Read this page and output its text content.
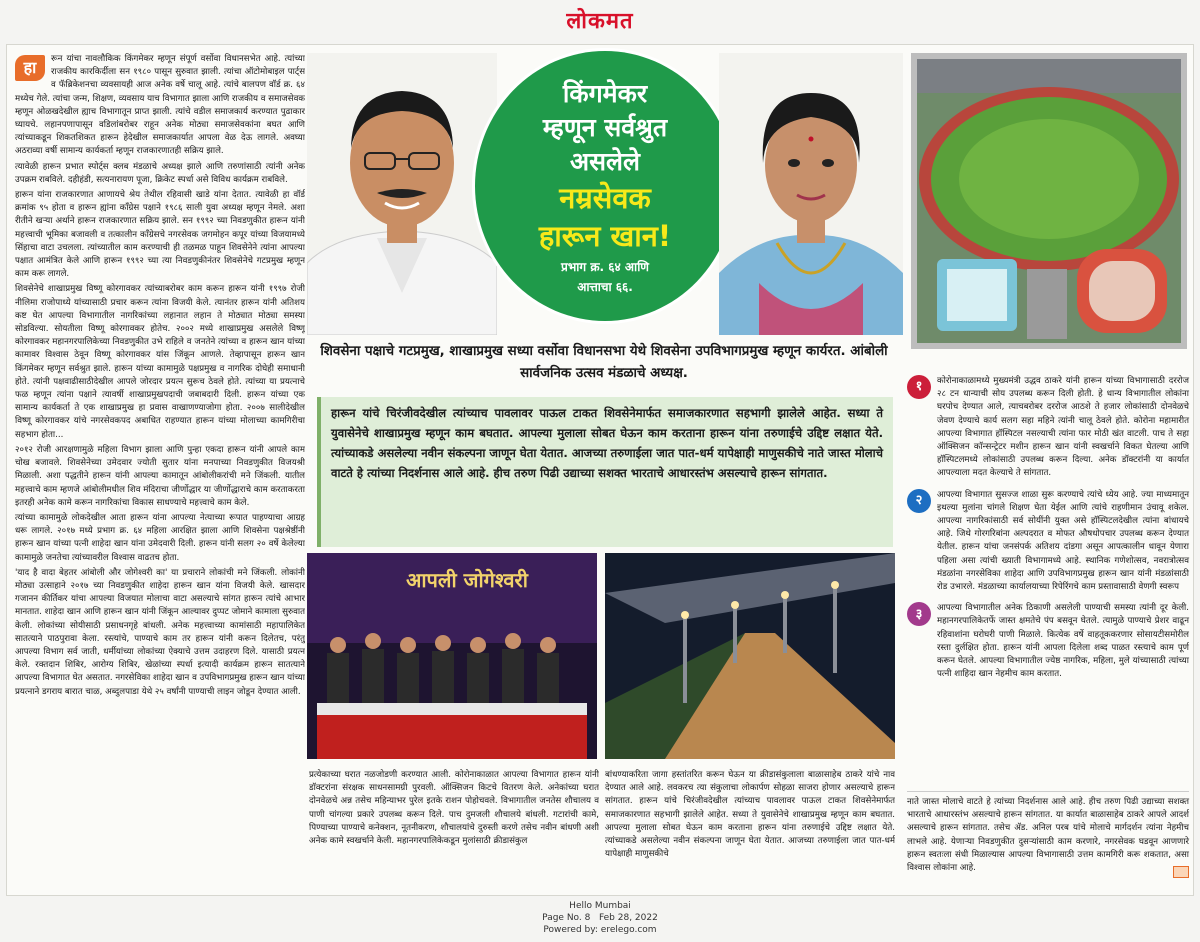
लोकमत

हा	रून यांचा नावलौकिक किंगमेकर म्हणून संपूर्ण वर्सोवा विधानसभेत आहे. त्यांच्या राजकीय कारकिर्दीला सन १९८० पासून सुरुवात झाली. त्यांचा ऑटोमोबाइल पार्ट्स व फॅब्रिकेशनचा व्यवसायही आज अनेक वर्षे चालू आहे. त्यांचे बालपण वॉर्ड क्र. ६४ मध्येच गेले. त्यांचा जन्म, शिक्षण, व्यवसाय याच विभागात झाला आणि राजकीय व समाजसेवक म्हणून ओळखदेखील ह्याच विभागातून प्राप्त झाली. त्यांचे वडील समाजकार्य करण्यात पुढाकार घ्यायचे. लहानपणापासून वडिलांबरोबर राहून अनेक मोठ्या समाजसेवकांना बघत आणि त्यांच्याकडून शिकतशिकत हारून हेदेखील समाजकार्यात आपला वेळ देऊ लागले. अवघ्या अठराव्या वर्षी सामान्य कार्यकर्ता म्हणून राजकारणातही सक्रिय झाले.

त्यावेळी हारून प्रभात स्पोर्ट्स क्लब मंडळाचे अध्यक्ष झाले आणि तरुणांसाठी त्यांनी अनेक उपक्रम राबविले. दहीहंडी, सत्यनारायण पूजा, क्रिकेट स्पर्धा असे विविध कार्यक्रम राबविले.

हारून यांना राजकारणात आणायचे श्रेय तेथील रहिवासी खाडे यांना देतात. त्यावेळी हा वॉर्ड क्रमांक ९५ होता व हारून ह्यांना काँग्रेस पक्षाने १९८६ साली युवा अध्यक्ष म्हणून नेमले. अशा रीतीने खऱ्या अर्थाने हारून राजकारणात सक्रिय झाले. सन १९९२ च्या निवडणुकीत हारून यांनी महत्त्वाची भूमिका बजावली व तत्कालीन काँग्रेसचे नगरसेवक जगमोहन कपूर यांच्या विजयामध्ये सिंहाचा वाटा उचलला. त्यांच्यातील काम करण्याची ही तळमळ पाहून शिवसेनेने त्यांना आपल्या पक्षात आमंत्रित केले आणि हारून १९९२ च्या त्या निवडणुकीनंतर शिवसेनेचे गटप्रमुख म्हणून काम करू लागले.

शिवसेनेचे शाखाप्रमुख विष्णू कोरगावकर त्यांच्याबरोबर काम करून हारून यांनी १९९७ रोजी नीलिमा राजोपाध्ये यांच्यासाठी प्रचार करून त्यांना विजयी केले. त्यानंतर हारून यांनी अतिशय कष्ट घेत आपल्या विभागातील नागरिकांच्या लहानात लहान ते मोठ्यात मोठ्या समस्या सोडविल्या. सोयतीला विष्णू कोरगावकर होतेच. २००२ मध्ये शाखाप्रमुख असलेले विष्णू कोरगावकर महानगरपालिकेच्या निवडणुकीत उभे राहिले व जनतेने त्यांच्या व हारून खान यांच्या कामावर विश्वास ठेवून विष्णू कोरगावकर यांस जिंकून आणले. तेव्हापासून हारून खान किंगमेकर म्हणून सर्वश्रुत झाले. हारून यांच्या कामामुळे पक्षप्रमुख व नागरिक दोघेही समाधानी होते. त्यांनी पक्षवाढीसाठीदेखील आपले जोरदार प्रयत्न सुरूच ठेवले होते. त्यांच्या या प्रयत्नाचे फळ म्हणून त्यांना पक्षाने त्यावर्षी शाखाप्रमुखपदाची जबाबदारी दिली. हारून यांच्या एक सामान्य कार्यकर्ता ते एक शाखाप्रमुख हा प्रवास वाखाणण्याजोगा होता. २००७ सालीदेखील विष्णू कोरगावकर यांचे नगरसेवकपद अबाधित राहण्यात हारून यांच्या मोलाच्या कामगिरीचा सहभाग होता...

२०१२ रोजी आरक्षणामुळे महिला विभाग झाला आणि पुन्हा एकदा हारून यांनी आपले काम चोख बजावले. शिवसेनेच्या उमेदवार ज्योती सुतार यांना मनपाच्या निवडणुकीत विजयश्री मिळाली. अशा पद्धतीने हारून यांनी आपल्या कामातून आंबोलीकरांची मने जिंकली. यातील महत्त्वाचे काम म्हणजे आंबोलीमधील शिव मंदिराचा जीर्णोद्धार या जीर्णोद्धाराचे काम करताकरता इतरही अनेक कामे करून नागरिकांचा विकास साधण्याचे महत्त्वाचे काम केले.

त्यांच्या कामामुळे लोकदेखील आता हारून यांना आपल्या नेत्याच्या रूपात पाहण्याचा आग्रह धरू लागले. २०१७ मध्ये प्रभाग क्र. ६४ महिला आरक्षित झाला आणि शिवसेना पक्षश्रेष्ठींनी हारून खान यांच्या पत्नी शाहेदा खान यांना उमेदवारी दिली. हारून यांनी सलग २० वर्षे केलेल्या कामामुळे जनतेचा त्यांच्यावरील विश्वास वाढतच होता.

'याद है वादा बेहतर आंबोली और जोगेश्वरी का' या प्रचाराने लोकांची मने जिंकली. लोकांनी मोठ्या उत्साहाने २०१७ च्या निवडणुकीत शाहेदा हारून खान यांना विजयी केले. खासदार गजानन कीर्तिकर यांचा आपल्या विजयात मोलाचा वाटा असल्याचे सांगत हारून त्यांचे आभार मानतात. शाहेदा खान आणि हारून खान यांनी जिंकून आल्यावर दुप्पट जोमाने कामाला सुरुवात केली. लोकांच्या सोयीसाठी प्रसाधनगृहे बांधली. अनेक महत्त्वाच्या कामांसाठी महापालिकेत सातत्याने पाठपुरावा केला. रस्त्यांचे, पाण्याचे काम तर हारून यांनी करून दिलेतच, परंतु आपल्या विभाग सर्व जाती, धर्मीयांच्या लोकांच्या ऐक्याचे उत्तम उदाहरण दिले. यासाठी प्रयत्न केले. रक्तदान शिबिर, आरोग्य शिबिर, खेळांच्या स्पर्धा इत्यादी कार्यक्रम हारून सातत्याने आपल्या विभागात घेत असतात. नगरसेविका शाहेदा खान व उपविभागप्रमुख हारून खान यांच्या प्रयत्नाने डगराय बारात चाळ, अब्दुलपाडा येथे २५ वर्षांनी पाण्याची लाइन जोडून देण्यात आली.

किंगमेकर
म्हणून सर्वश्रुत
असलेले
नम्रसेवक
हारून खान!
प्रभाग क्र. ६४ आणि
आत्ताचा ६६.
शिवसेना पक्षाचे गटप्रमुख, शाखाप्रमुख सध्या वर्सोवा विधानसभा येथे शिवसेना उपविभागप्रमुख म्हणून कार्यरत. आंबोली सार्वजनिक उत्सव मंडळाचे अध्यक्ष.
हारून यांचे चिरंजीवदेखील त्यांच्याच पावलावर पाऊल टाकत शिवसेनेमार्फत समाजकारणात सहभागी झालेले आहेत. सध्या ते युवासेनेचे शाखाप्रमुख म्हणून काम बघतात. आपल्या मुलाला सोबत घेऊन काम करताना हारून यांना तरुणाईचे उद्दिष्ट लक्षात येते. त्यांच्याकडे असलेल्या नवीन संकल्पना जाणून घेता येतात. आजच्या तरुणाईला जात पात-धर्म यापेक्षाही माणुसकीचे नाते जास्त मोलाचे वाटते हे त्यांच्या निदर्शनास आले आहे. हीच तरुण पिढी उद्याच्या सशक्त भारताचे आधारस्तंभ असल्याचे हारून सांगतात.
आपली जोगेश्वरी
प्रत्येकाच्या घरात नळजोडणी करण्यात आली. कोरोनाकाळात आपल्या विभागात हारून यांनी डॉक्टरांना संरक्षक साधनसामग्री पुरवली. ऑक्सिजन किटचे वितरण केले. अनेकांच्या घरात दोनवेळचे अन्न तसेच महिन्याभर पुरेल इतके राशन पोहोचवले. विभागातील जनतेस शौचालय व पाणी चांगल्या प्रकारे उपलब्ध करून दिले. पाच दुमजली शौचालये बांधली. गटारांची कामे, पिण्याच्या पाण्याचे कनेक्शन, नूतनीकरण, शौचालयांचे दुरुस्ती करणे तसेच नवीन बांधणी अशी अनेक कामे स्वखर्चाने केली. महानगरपालिकेकडून मुलांसाठी क्रीडासंकुल
बांधण्याकरिता जागा हस्तांतरित करून घेऊन या क्रीडासंकुलाला बाळासाहेब ठाकरे यांचे नाव देण्यात आले आहे. लवकरच त्या संकुलाचा लोकार्पण सोहळा साजरा होणार असल्याचे हारून सांगतात. हारून यांचे चिरंजीवदेखील त्यांच्याच पावलावर पाऊल टाकत शिवसेनेमार्फत समाजकारणात सहभागी झालेले आहेत. सध्या ते युवासेनेचे शाखाप्रमुख म्हणून काम बघतात. आपल्या मुलाला सोबत घेऊन काम करताना हारून यांना तरुणाईचे उद्दिष्ट लक्षात येते. त्यांच्याकडे असलेल्या नवीन संकल्पना जाणून घेता येतात. आजच्या तरुणाईला जात पात-धर्म यापेक्षाही माणुसकीचे
१	कोरोनाकाळामध्ये मुख्यमंत्री उद्धव ठाकरे यांनी हारून यांच्या विभागासाठी दररोज २८ टन धान्याची सोय उपलब्ध करून दिली होती. हे धान्य विभागातील लोकांना घरपोच देण्यात आले, त्याचबरोबर दररोज आठशे ते हजार लोकांसाठी दोनवेळचे जेवण देण्याचे कार्य सलग सहा महिने त्यांनी चालू ठेवले होते. कोरोना महामारीत आपल्या विभागात हॉस्पिटल नसल्याची त्यांना फार मोठी खंत वाटली. पाच ते सहा ऑक्सिजन कॉन्सन्ट्रेटर मशीन हारून खान यांनी स्वखर्चाने विकत घेतल्या आणि हॉस्पिटलमध्ये लोकांसाठी उपलब्ध करून दिल्या. अनेक डॉक्टरांनी या कार्यात आपल्याला मदत केल्याचे ते सांगतात.
२	आपल्या विभागात सुसज्ज शाळा सुरू करण्याचे त्यांचे ध्येय आहे. ज्या माध्यमातून इथल्या मुलांना चांगले शिक्षण घेता येईल आणि त्यांचे राहणीमान उंचावू शकेल. आपल्या नागरिकांसाठी सर्व सोयींनी युक्त असे हॉस्पिटलदेखील त्यांना बांधायचे आहे. जिथे गोरगरिबांना अल्पदरात व मोफत औषधोपचार उपलब्ध करून देण्यात येतील. हारून यांचा जनसंपर्क अतिशय दांडगा असून आपत्कालीन धावून येणारा पहिला असा त्यांची ख्याती विभागामध्ये आहे. स्थानिक गणेशोत्सव, नवरात्रोत्सव मंडळांना नगरसेविका शाहेदा आणि उपविभागप्रमुख हारून खान यांनी मंडळांसाठी रोड उभारले. मंडळाच्या कार्यालयाच्या रिपेरिंगचे काम प्रस्तावासाठी वेणगी स्वरूप
३	आपल्या विभागातील अनेक ठिकाणी असलेली पाण्याची समस्या त्यांनी दूर केली. महानगरपालिकेतर्फे जास्त क्षमतेचे पंप बसवून घेतले. त्यामुळे पाण्याचे प्रेशर वाढून रहिवाशांना घरोघरी पाणी मिळाले. कित्येक वर्षे वाहतूककरणार सोसायटीसमोरील रस्ता दुर्लक्षित होता. हारून यांनी आपला दिलेला शब्द पाळत रस्त्याचे काम पूर्ण करून घेतले. आपल्या विभागातील ज्येष्ठ नागरिक, महिला, मुले यांच्यासाठी त्यांच्या पत्नी शाहिदा खान नेहमीच काम करतात.
नाते जास्त मोलाचे वाटते हे त्यांच्या निदर्शनास आले आहे. हीच तरुण पिढी उद्याच्या सशक्त भारताचे आधारस्तंभ असल्याचे हारून सांगतात. या कार्यात बाळासाहेब ठाकरे आपले आदर्श असल्याचे हारून सांगतात. तसेच ॲड. अनिल परब यांचे मोलाचे मार्गदर्शन त्यांना नेहमीच लाभले आहे. येणाऱ्या निवडणुकीत दुसऱ्यांसाठी काम करणारे, नगरसेवक घडवून आणणारे हारून स्वतःला संधी मिळाल्यास आपल्या विभागासाठी उत्तम कामगिरी करू शकतात, असा विश्वास लोकांना आहे.
Hello Mumbai
Page No. 8 Feb 28, 2022
Powered by: erelego.com
